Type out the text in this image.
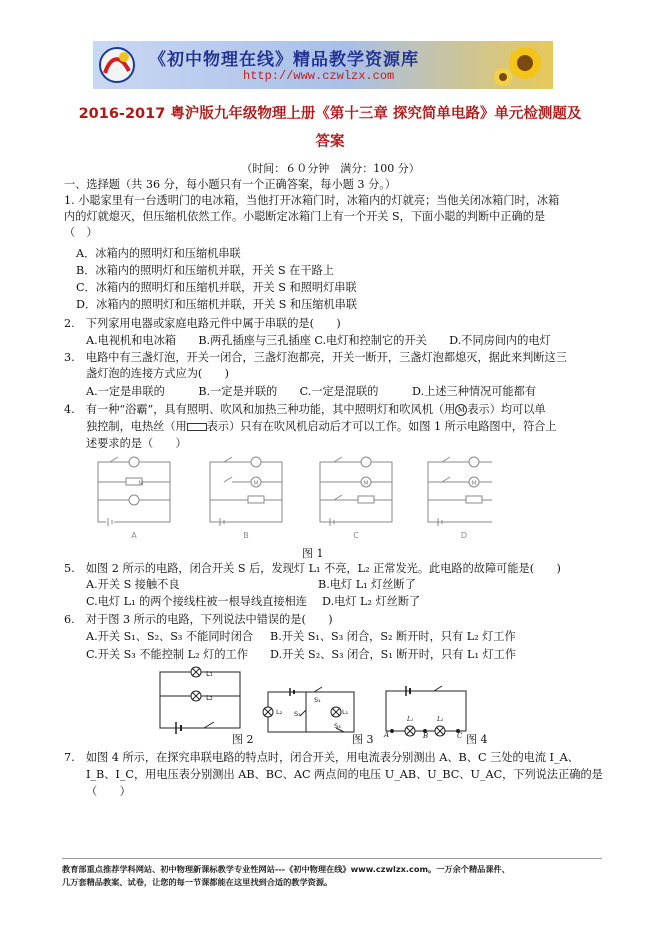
《初中物理在线》精品教学资源库
http://www.czwlzx.com
2016-2017 粤沪版九年级物理上册《第十三章 探究简单电路》单元检测题及
答案
（时间：６０分钟　满分：100 分）
一、选择题（共 36 分，每小题只有一个正确答案，每小题 3 分。）
1. 小聪家里有一台透明门的电冰箱，当他打开冰箱门时，冰箱内的灯就亮；当他关闭冰箱门时，冰箱
内的灯就熄灭，但压缩机依然工作。小聪断定冰箱门上有一个开关 S，下面小聪的判断中正确的是
（　）
A．冰箱内的照明灯和压缩机串联
B．冰箱内的照明灯和压缩机并联，开关 S 在干路上
C．冰箱内的照明灯和压缩机并联，开关 S 和照明灯串联
D．冰箱内的照明灯和压缩机并联，开关 S 和压缩机串联
2.　下列家用电器或家庭电路元件中属于串联的是(　　)
A.电视机和电冰箱　　B.两孔插座与三孔插座 C.电灯和控制它的开关　　D.不同房间内的电灯
3.　电路中有三盏灯泡，开关一闭合，三盏灯泡都亮，开关一断开，三盏灯泡都熄灭，据此来判断这三
盏灯泡的连接方式应为(　　)
A.一定是串联的　　　B.一定是并联的　　C.一定是混联的　　　D.上述三种情况可能都有
4.　有一种“浴霸”，具有照明、吹风和加热三种功能，其中照明灯和吹风机（用 M 表示）均可以单
独控制，电热丝（用 表示）只有在吹风机启动后才可以工作。如图 1 所示电路图中，符合上
述要求的是（　　）
M	M	M	M
A	B	C	D
图 1
5.　如图 2 所示的电路，闭合开关 S 后，发现灯 L₁ 不亮，L₂ 正常发光。此电路的故障可能是(　　)
A.开关 S 接触不良	B.电灯 L₁ 灯丝断了
C.电灯 L₁ 的两个接线柱被一根导线直接相连 D.电灯 L₂ 灯丝断了
6.　对于图 3 所示的电路，下列说法中错误的是(　　)
A.开关 S₁、S₂、S₃ 不能同时闭合 B.开关 S₁、S₃ 闭合，S₂ 断开时，只有 L₂ 灯工作
C.开关 S₃ 不能控制 L₂ 灯的工作 D.开关 S₂、S₃ 闭合，S₁ 断开时，只有 L₁ 灯工作
L₁
L₂
图 2
S₁
S₂
S₃
L₂	L₁
图 3 A	B	C
L₁	L₂
图 4
7.　如图 4 所示，在探究串联电路的特点时，闭合开关，用电流表分别测出 A、B、C 三处的电流 I_A、
I_B、I_C，用电压表分别测出 AB、BC、AC 两点间的电压 U_AB、U_BC、U_AC，下列说法正确的是
（　　）
教育部重点推荐学科网站、初中物理新课标教学专业性网站---《初中物理在线》www.czwlzx.com。一万余个精品课件、
几万套精品教案、试卷，让您的每一节课都能在这里找到合适的教学资源。
